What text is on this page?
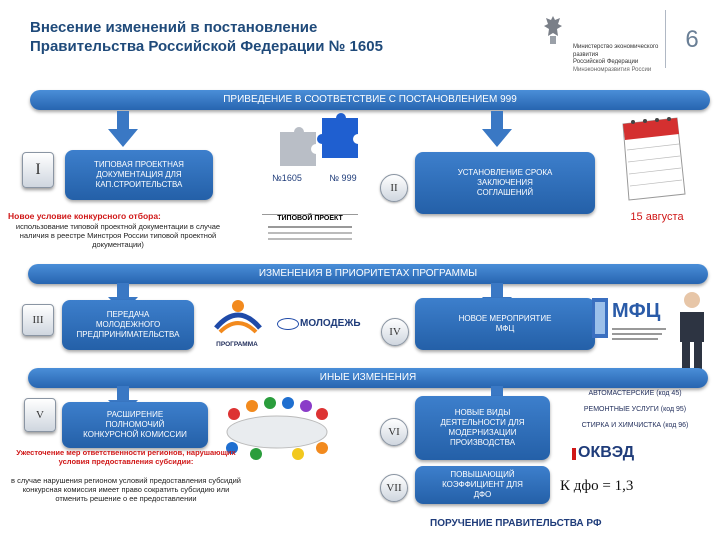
Внесение изменений в постановление
Правительства Российской Федерации № 1605	Министерство экономического развития
Российской Федерации
Минэкономразвития России
6
ПРИВЕДЕНИЕ В СООТВЕТСТВИЕ С ПОСТАНОВЛЕНИЕМ 999
I	ТИПОВАЯ ПРОЕКТНАЯ ДОКУМЕНТАЦИЯ ДЛЯ КАП.СТРОИТЕЛЬСТВА
№1605	№ 999
II
УСТАНОВЛЕНИЕ СРОКА ЗАКЛЮЧЕНИЯ СОГЛАШЕНИЙ
Новое условие конкурсного отбора:
использование типовой проектной документации в случае наличия в реестре Минстроя России типовой проектной документации)
ТИПОВОЙ ПРОЕКТ	15 августа
ИЗМЕНЕНИЯ В ПРИОРИТЕТАХ ПРОГРАММЫ
III	ПЕРЕДАЧА МОЛОДЕЖНОГО ПРЕДПРИНИМАТЕЛЬСТВА
ПРОГРАММА
МОЛОДЕЖЬ
IV
НОВОЕ МЕРОПРИЯТИЕ МФЦ
МФЦ
ИНЫЕ ИЗМЕНЕНИЯ
V	РАСШИРЕНИЕ ПОЛНОМОЧИЙ КОНКУРСНОЙ КОМИССИИ
Ужесточение мер ответственности регионов, нарушающих условия предоставления субсидии:
в случае нарушения регионом условий предоставления субсидий конкурсная комиссия имеет право сократить субсидию или отменить решение о ее предоставлении
VI
НОВЫЕ ВИДЫ ДЕЯТЕЛЬНОСТИ ДЛЯ МОДЕРНИЗАЦИИ ПРОИЗВОДСТВА
АВТОМАСТЕРСКИЕ (код 45)
РЕМОНТНЫЕ УСЛУГИ (код 95)
СТИРКА И ХИМЧИСТКА (код 96)
ОКВЭД
VII
ПОВЫШАЮЩИЙ КОЭФФИЦИЕНТ ДЛЯ ДФО
К дфо = 1,3
ПОРУЧЕНИЕ ПРАВИТЕЛЬСТВА РФ
